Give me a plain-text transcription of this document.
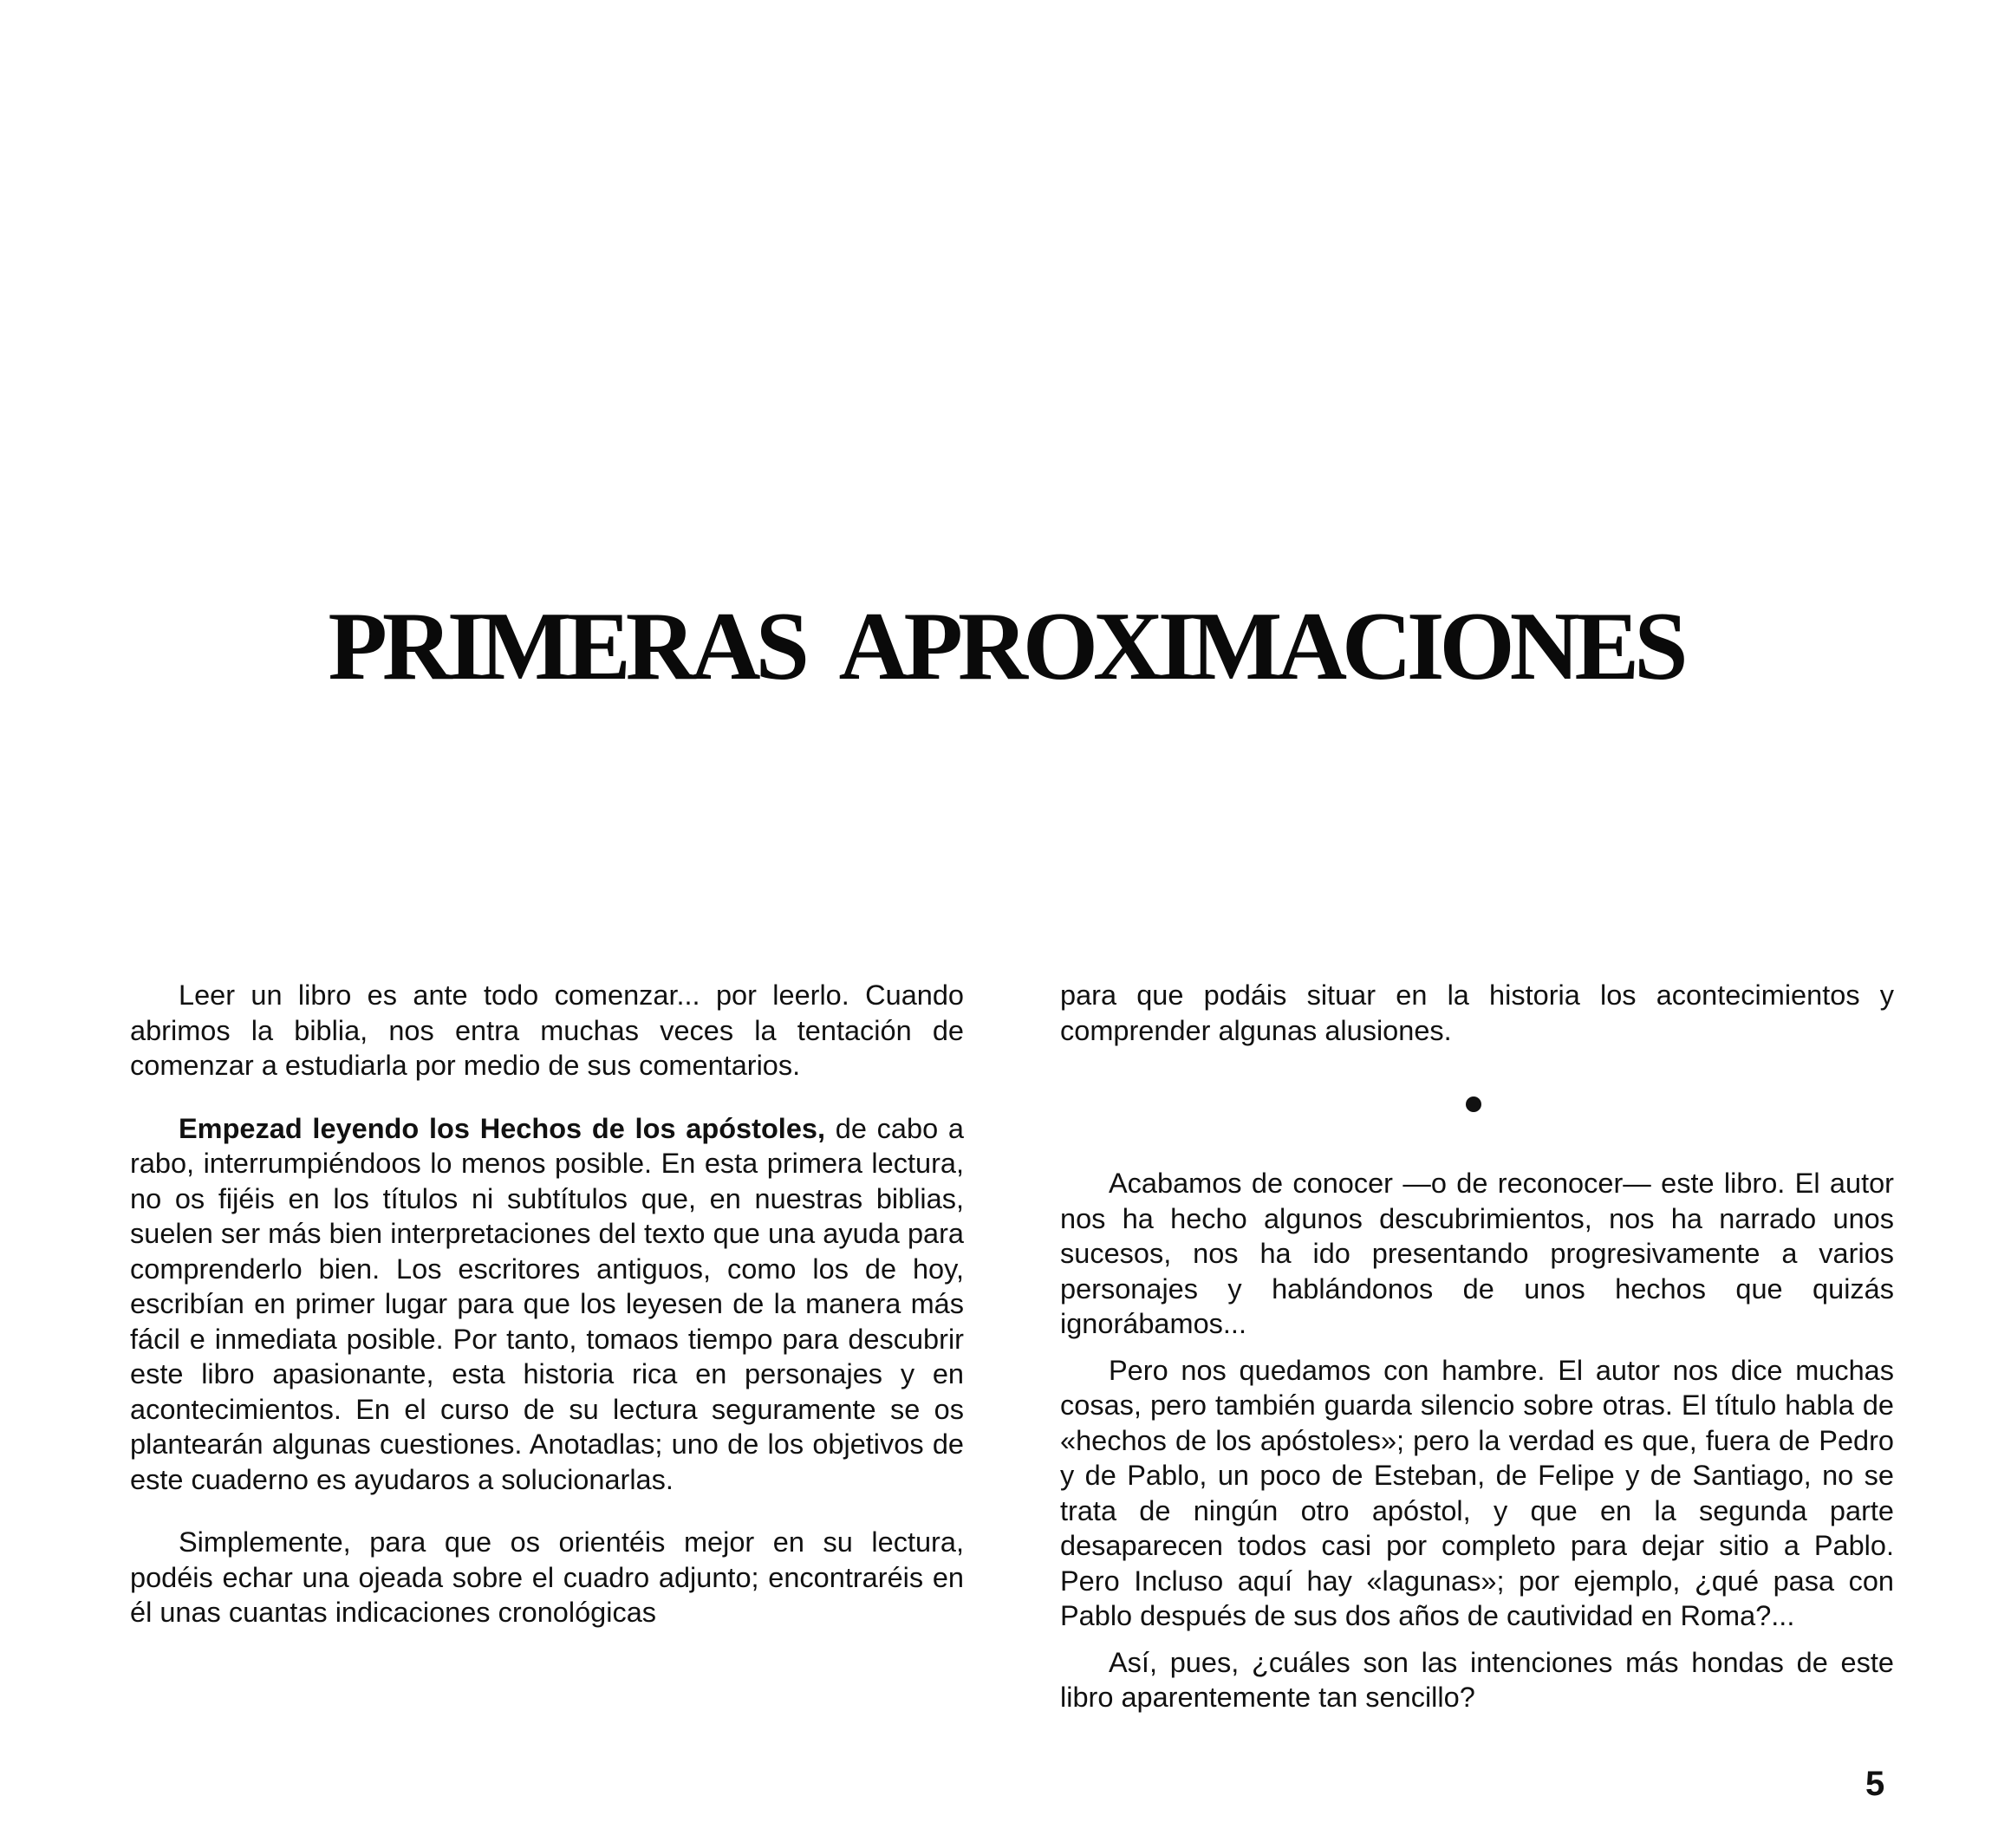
PRIMERAS APROXIMACIONES

Leer un libro es ante todo comenzar... por leerlo. Cuando abrimos la biblia, nos entra muchas veces la tentación de comenzar a estudiarla por medio de sus comentarios.

Empezad leyendo los Hechos de los apóstoles, de cabo a rabo, interrumpiéndoos lo menos posible. En esta primera lectura, no os fijéis en los títulos ni subtítulos que, en nuestras biblias, suelen ser más bien interpretaciones del texto que una ayuda para comprenderlo bien. Los escritores antiguos, como los de hoy, escribían en primer lugar para que los leyesen de la manera más fácil e inmediata posible. Por tanto, tomaos tiempo para descubrir este libro apasionante, esta historia rica en personajes y en acontecimientos. En el curso de su lectura seguramente se os plantearán algunas cuestiones. Anotadlas; uno de los objetivos de este cuaderno es ayudaros a solucionarlas.

Simplemente, para que os orientéis mejor en su lectura, podéis echar una ojeada sobre el cuadro adjunto; encontraréis en él unas cuantas indicaciones cronológicas

para que podáis situar en la historia los acontecimientos y comprender algunas alusiones.

Acabamos de conocer —o de reconocer— este libro. El autor nos ha hecho algunos descubrimientos, nos ha narrado unos sucesos, nos ha ido presentando progresivamente a varios personajes y hablándonos de unos hechos que quizás ignorábamos...

Pero nos quedamos con hambre. El autor nos dice muchas cosas, pero también guarda silencio sobre otras. El título habla de «hechos de los apóstoles»; pero la verdad es que, fuera de Pedro y de Pablo, un poco de Esteban, de Felipe y de Santiago, no se trata de ningún otro apóstol, y que en la segunda parte desaparecen todos casi por completo para dejar sitio a Pablo. Pero Incluso aquí hay «lagunas»; por ejemplo, ¿qué pasa con Pablo después de sus dos años de cautividad en Roma?...

Así, pues, ¿cuáles son las intenciones más hondas de este libro aparentemente tan sencillo?

5
